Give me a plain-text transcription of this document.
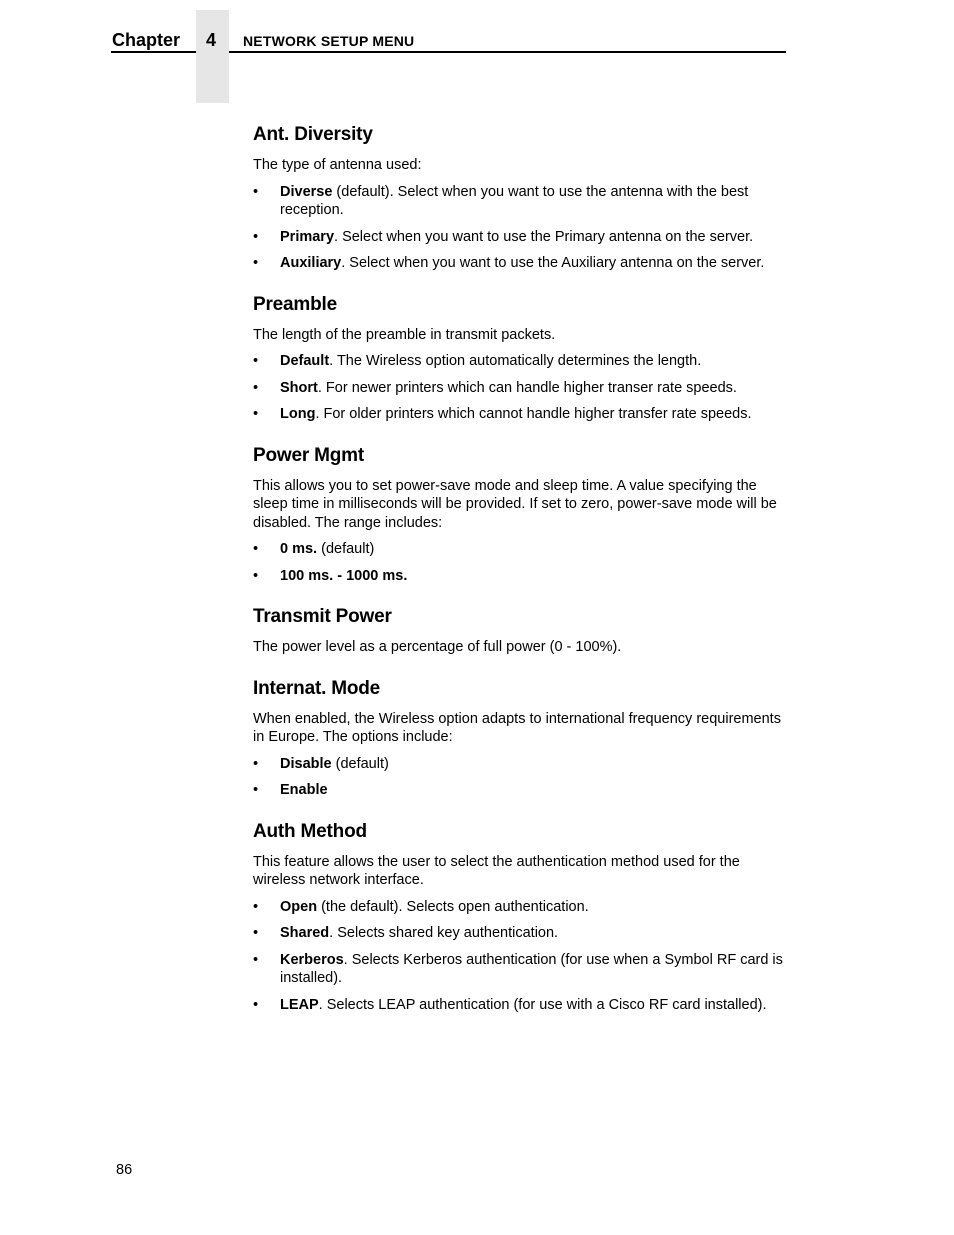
Chapter 4 NETWORK SETUP MENU
Ant. Diversity

The type of antenna used:

• Diverse (default). Select when you want to use the antenna with the best reception.
• Primary. Select when you want to use the Primary antenna on the server.
• Auxiliary. Select when you want to use the Auxiliary antenna on the server.
Preamble

The length of the preamble in transmit packets.

• Default. The Wireless option automatically determines the length.
• Short. For newer printers which can handle higher transer rate speeds.
• Long. For older printers which cannot handle higher transfer rate speeds.
Power Mgmt

This allows you to set power-save mode and sleep time. A value specifying the sleep time in milliseconds will be provided. If set to zero, power-save mode will be disabled. The range includes:

• 0 ms. (default)
• 100 ms. - 1000 ms.
Transmit Power

The power level as a percentage of full power (0 - 100%).

Internat. Mode

When enabled, the Wireless option adapts to international frequency requirements in Europe. The options include:

• Disable (default)
• Enable
Auth Method

This feature allows the user to select the authentication method used for the wireless network interface.

• Open (the default). Selects open authentication.
• Shared. Selects shared key authentication.
• Kerberos. Selects Kerberos authentication (for use when a Symbol RF card is installed).
• LEAP. Selects LEAP authentication (for use with a Cisco RF card installed).
86
